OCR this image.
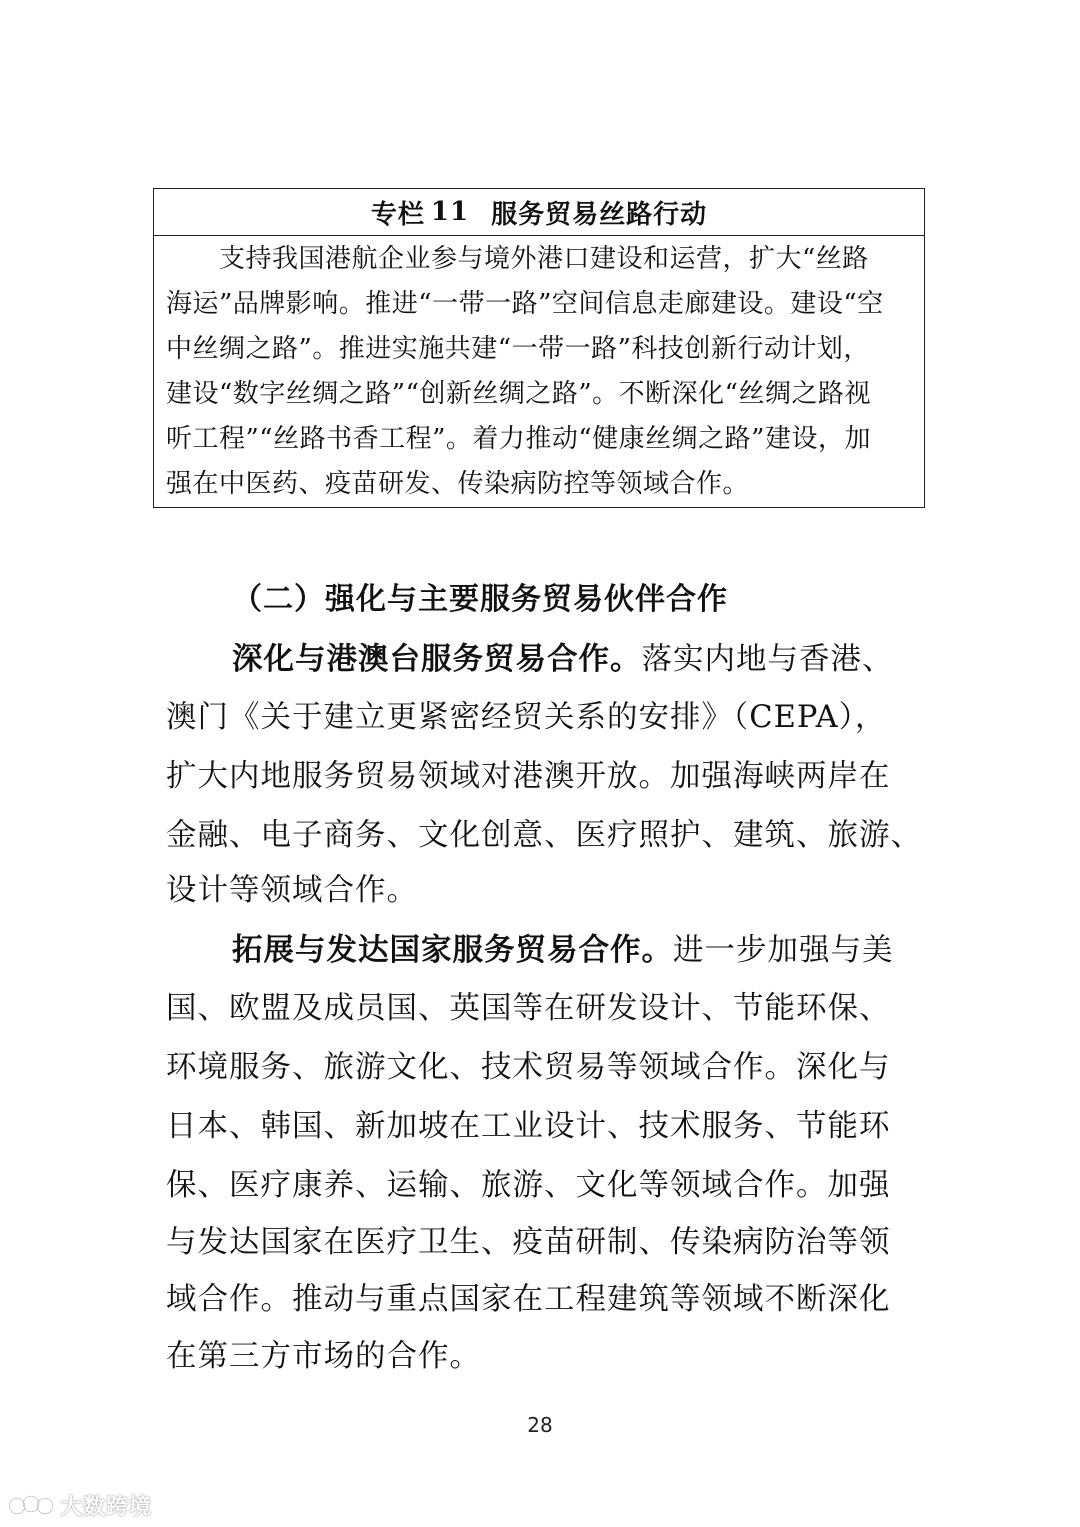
专栏 11 服务贸易丝路行动
　　支持我国港航企业参与境外港口建设和运营，扩大“丝路
海运”品牌影响。推进“一带一路”空间信息走廊建设。建设“空
中丝绸之路”。推进实施共建“一带一路”科技创新行动计划，
建设“数字丝绸之路”“创新丝绸之路”。不断深化“丝绸之路视
听工程”“丝路书香工程”。着力推动“健康丝绸之路”建设，加
强在中医药、疫苗研发、传染病防控等领域合作。
（二）强化与主要服务贸易伙伴合作
深化与港澳台服务贸易合作。落实内地与香港、
澳门《关于建立更紧密经贸关系的安排》（CEPA），
扩大内地服务贸易领域对港澳开放。加强海峡两岸在
金融、电子商务、文化创意、医疗照护、建筑、旅游、
设计等领域合作。
拓展与发达国家服务贸易合作。进一步加强与美
国、欧盟及成员国、英国等在研发设计、节能环保、
环境服务、旅游文化、技术贸易等领域合作。深化与
日本、韩国、新加坡在工业设计、技术服务、节能环
保、医疗康养、运输、旅游、文化等领域合作。加强
与发达国家在医疗卫生、疫苗研制、传染病防治等领
域合作。推动与重点国家在工程建筑等领域不断深化
在第三方市场的合作。
28
大数跨境
